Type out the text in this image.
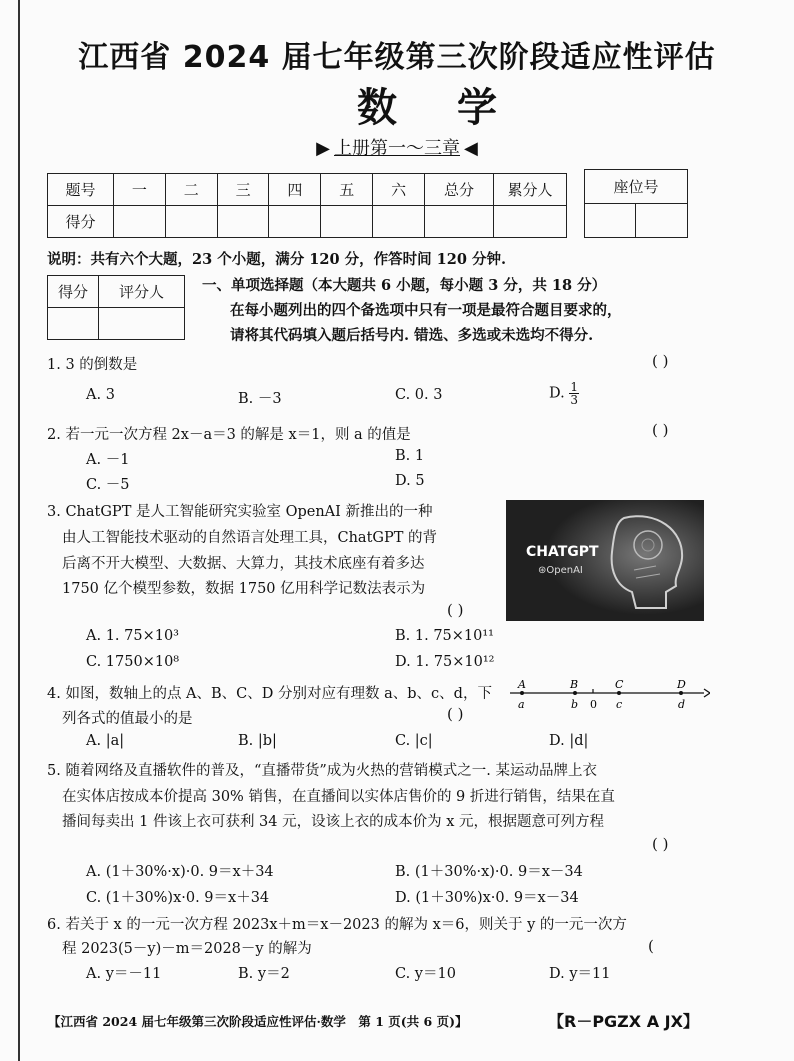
江西省 2024 届七年级第三次阶段适应性评估
数学
▶ 上册第一～三章 ◀
题号	一	二	三	四	五	六	总分	累分人
得分								
座位号

说明：共有六个大题，23 个小题，满分 120 分，作答时间 120 分钟.
得分	评分人
		一、单项选择题（本大题共 6 小题，每小题 3 分，共 18 分）
在每小题列出的四个备选项中只有一项是最符合题目要求的，
请将其代码填入题后括号内. 错选、多选或未选均不得分.
1. 3 的倒数是	( )
A. 3	B. －3	C. 0. 3	D. $\frac{1}{3}$
2. 若一元一次方程 2x－a＝3 的解是 x＝1，则 a 的值是	( )
A. －1	B. 1
C. －5	D. 5
3. ChatGPT 是人工智能研究实验室 OpenAI 新推出的一种
由人工智能技术驱动的自然语言处理工具，ChatGPT 的背
后离不开大模型、大数据、大算力，其技术底座有着多达
1750 亿个模型参数，数据 1750 亿用科学记数法表示为
( )
CHATGPT
⊛OpenAI
A. 1. 75×10³	B. 1. 75×10¹¹
C. 1750×10⁸	D. 1. 75×10¹²
4. 如图，数轴上的点 A、B、C、D 分别对应有理数 a、b、c、d，下
列各式的值最小的是	( )
A	B	C	D
a	b 0 c	d
A. |a|	B. |b|	C. |c|	D. |d|
5. 随着网络及直播软件的普及，“直播带货”成为火热的营销模式之一. 某运动品牌上衣
在实体店按成本价提高 30% 销售，在直播间以实体店售价的 9 折进行销售，结果在直
播间每卖出 1 件该上衣可获利 34 元，设该上衣的成本价为 x 元，根据题意可列方程
( )
A. (1＋30%·x)·0. 9＝x＋34	B. (1＋30%·x)·0. 9＝x－34
C. (1＋30%)x·0. 9＝x＋34	D. (1＋30%)x·0. 9＝x－34
6. 若关于 x 的一元一次方程 2023x＋m＝x－2023 的解为 x＝6，则关于 y 的一元一次方
程 2023(5－y)－m＝2028－y 的解为	(
A. y＝－11	B. y＝2	C. y＝10	D. y＝11
【江西省 2024 届七年级第三次阶段适应性评估·数学　第 1 页(共 6 页)】	【R－PGZX A JX】
